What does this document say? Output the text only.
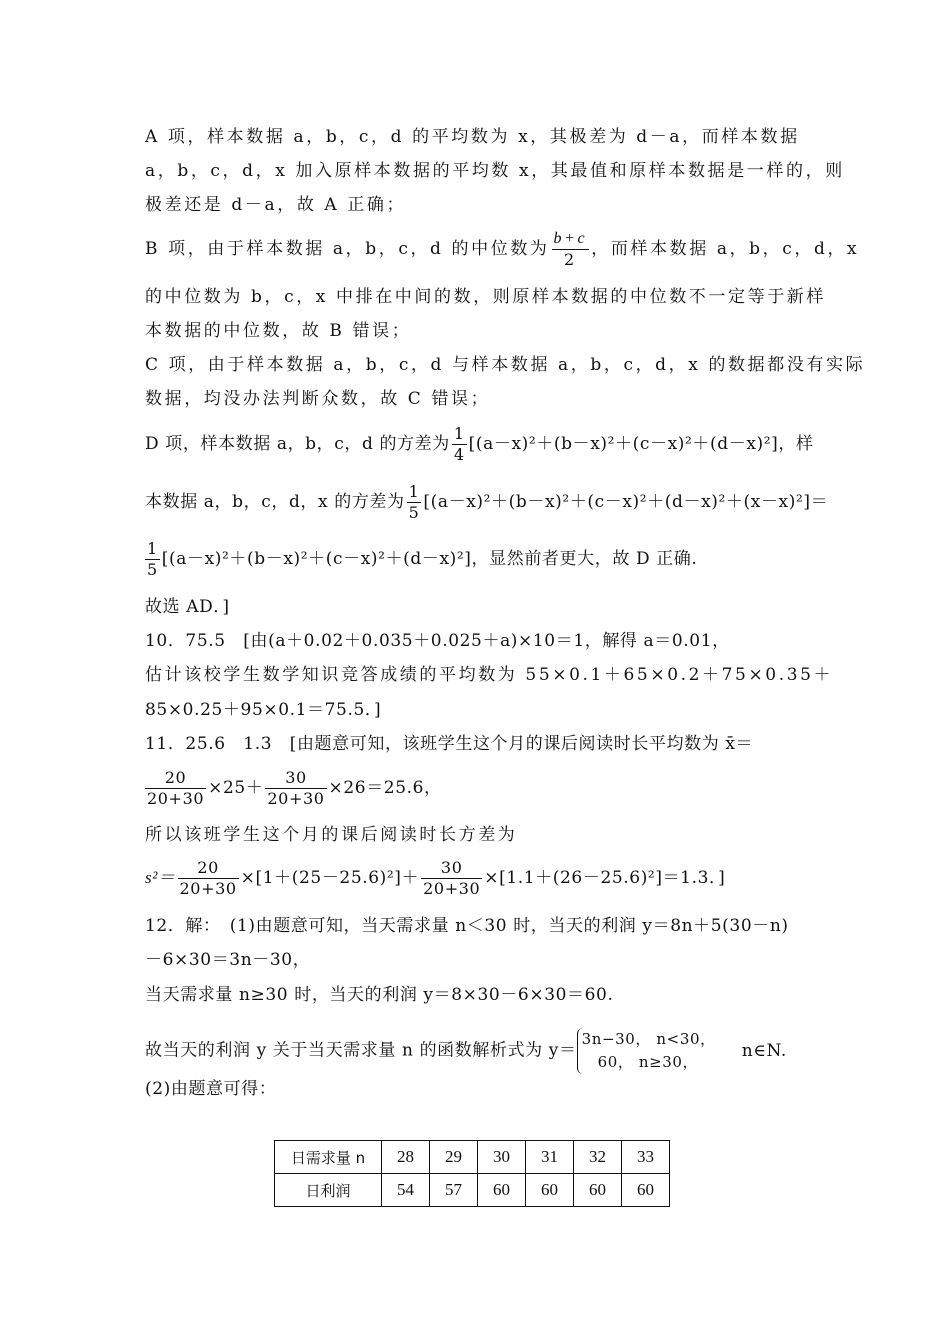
A 项，样本数据 a，b，c，d 的平均数为 x，其极差为 d－a，而样本数据
a，b，c，d，x 加入原样本数据的平均数 x，其最值和原样本数据是一样的，则
极差还是 d－a，故 A 正确；
B 项，由于样本数据 a，b，c，d 的中位数为 $\frac{b+c}{2}$ ，而样本数据 a，b，c，d，x
的中位数为 b，c，x 中排在中间的数，则原样本数据的中位数不一定等于新样
本数据的中位数，故 B 错误；
C 项，由于样本数据 a，b，c，d 与样本数据 a，b，c，d，x 的数据都没有实际
数据，均没办法判断众数，故 C 错误；
D 项，样本数据 a，b，c，d 的方差为 $\frac{1}{4} [(a-x)^2+(b-x)^2+(c-x)^2+(d-x)^2]$，样
本数据 a，b，c，d，x 的方差为 $\frac{1}{5} [(a-x)^2+(b-x)^2+(c-x)^2+(d-x)^2+(x-x)^2]=$
$\frac{1}{5} [(a-x)^2+(b-x)^2+(c-x)^2+(d-x)^2]$，显然前者更大，故 D 正确.
故选 AD．]
10．75.5　[由(a＋0.02＋0.035＋0.025＋a)×10＝1，解得 a＝0.01，
估计该校学生数学知识竞答成绩的平均数为 55×0.1＋65×0.2＋75×0.35＋
85×0.25＋95×0.1＝75.5．]
11．25.6　1.3　[由题意可知，该班学生这个月的课后阅读时长平均数为 x̄＝
$\frac{20}{20+30} \times 25+ \frac{30}{20+30} \times 26=25.6$，
所以该班学生这个月的课后阅读时长方差为
$s^2= \frac{20}{20+30} \times[1+(25-25.6)^2]+ \frac{30}{20+30} \times[1.1+(26-25.6)^2]=1.3$．]
12．解：　(1)由题意可知，当天需求量 n＜30 时，当天的利润 y＝8n＋5(30－n)
－6×30＝3n－30，
当天需求量 n≥30 时，当天的利润 y＝8×30－6×30＝60.
故当天的利润 y 关于当天需求量 n 的函数解析式为 y＝
3n−30， n<30，
60， n≥30，
n∈N.
(2)由题意可得：
日需求量 n	28	29	30	31	32	33
日利润	54	57	60	60	60	60
